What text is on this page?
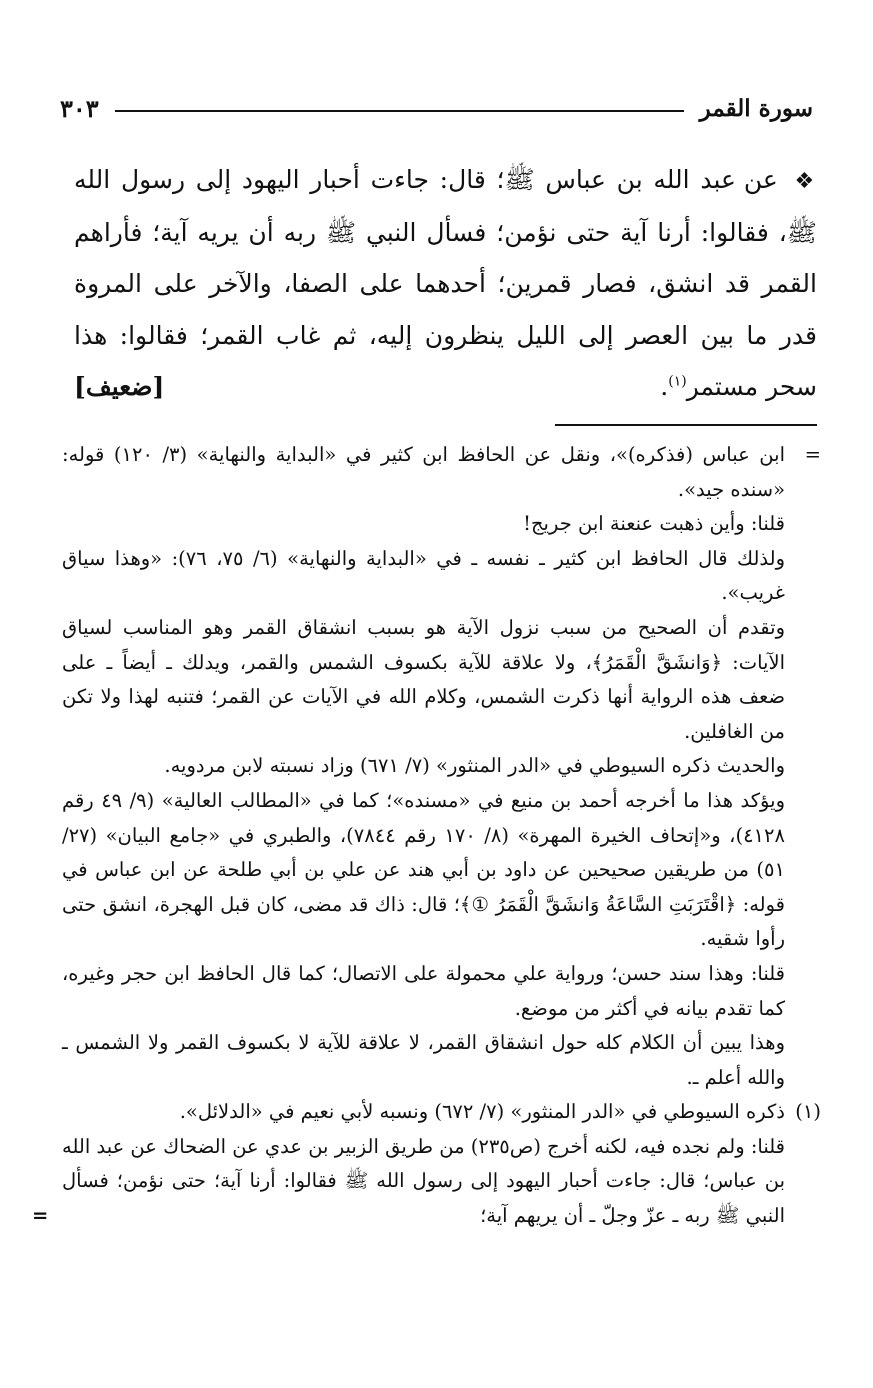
سورة القمر
٣٠٣

❖ عن عبد الله بن عباس ﷺ؛ قال: جاءت أحبار اليهود إلى رسول الله ﷺ، فقالوا: أرنا آية حتى نؤمن؛ فسأل النبي ﷺ ربه أن يريه آية؛ فأراهم القمر قد انشق، فصار قمرين؛ أحدهما على الصفا، والآخر على المروة قدر ما بين العصر إلى الليل ينظرون إليه، ثم غاب القمر؛ فقالوا: هذا سحر مستمر$^{(١)}$.
[ضعيف]

=

ابن عباس (فذكره)»، ونقل عن الحافظ ابن كثير في «البداية والنهاية» (٣/ ١٢٠) قوله: «سنده جيد».

قلنا: وأين ذهبت عنعنة ابن جريج!

ولذلك قال الحافظ ابن كثير ـ نفسه ـ في «البداية والنهاية» (٦/ ٧٥، ٧٦): «وهذا سياق غريب».

وتقدم أن الصحيح من سبب نزول الآية هو بسبب انشقاق القمر وهو المناسب لسياق الآيات: ﴿وَانشَقَّ الْقَمَرُ﴾، ولا علاقة للآية بكسوف الشمس والقمر، ويدلك ـ أيضاً ـ على ضعف هذه الرواية أنها ذكرت الشمس، وكلام الله في الآيات عن القمر؛ فتنبه لهذا ولا تكن من الغافلين.

والحديث ذكره السيوطي في «الدر المنثور» (٧/ ٦٧١) وزاد نسبته لابن مردويه.

ويؤكد هذا ما أخرجه أحمد بن منيع في «مسنده»؛ كما في «المطالب العالية» (٩/ ٤٩ رقم ٤١٢٨)، و«إتحاف الخيرة المهرة» (٨/ ١٧٠ رقم ٧٨٤٤)، والطبري في «جامع البيان» (٢٧/ ٥١) من طريقين صحيحين عن داود بن أبي هند عن علي بن أبي طلحة عن ابن عباس في قوله: ﴿اقْتَرَبَتِ السَّاعَةُ وَانشَقَّ الْقَمَرُ ①﴾؛ قال: ذاك قد مضى، كان قبل الهجرة، انشق حتى رأوا شقيه.

قلنا: وهذا سند حسن؛ ورواية علي محمولة على الاتصال؛ كما قال الحافظ ابن حجر وغيره، كما تقدم بيانه في أكثر من موضع.

وهذا يبين أن الكلام كله حول انشقاق القمر، لا علاقة للآية لا بكسوف القمر ولا الشمس ـ والله أعلم ـ.

(١)

ذكره السيوطي في «الدر المنثور» (٧/ ٦٧٢) ونسبه لأبي نعيم في «الدلائل».

قلنا: ولم نجده فيه، لكنه أخرج (ص٢٣٥) من طريق الزبير بن عدي عن الضحاك عن عبد الله بن عباس؛ قال: جاءت أحبار اليهود إلى رسول الله ﷺ فقالوا: أرنا آية؛ حتى نؤمن؛ فسأل النبي ﷺ ربه ـ عزّ وجلّ ـ أن يريهم آية؛

=
